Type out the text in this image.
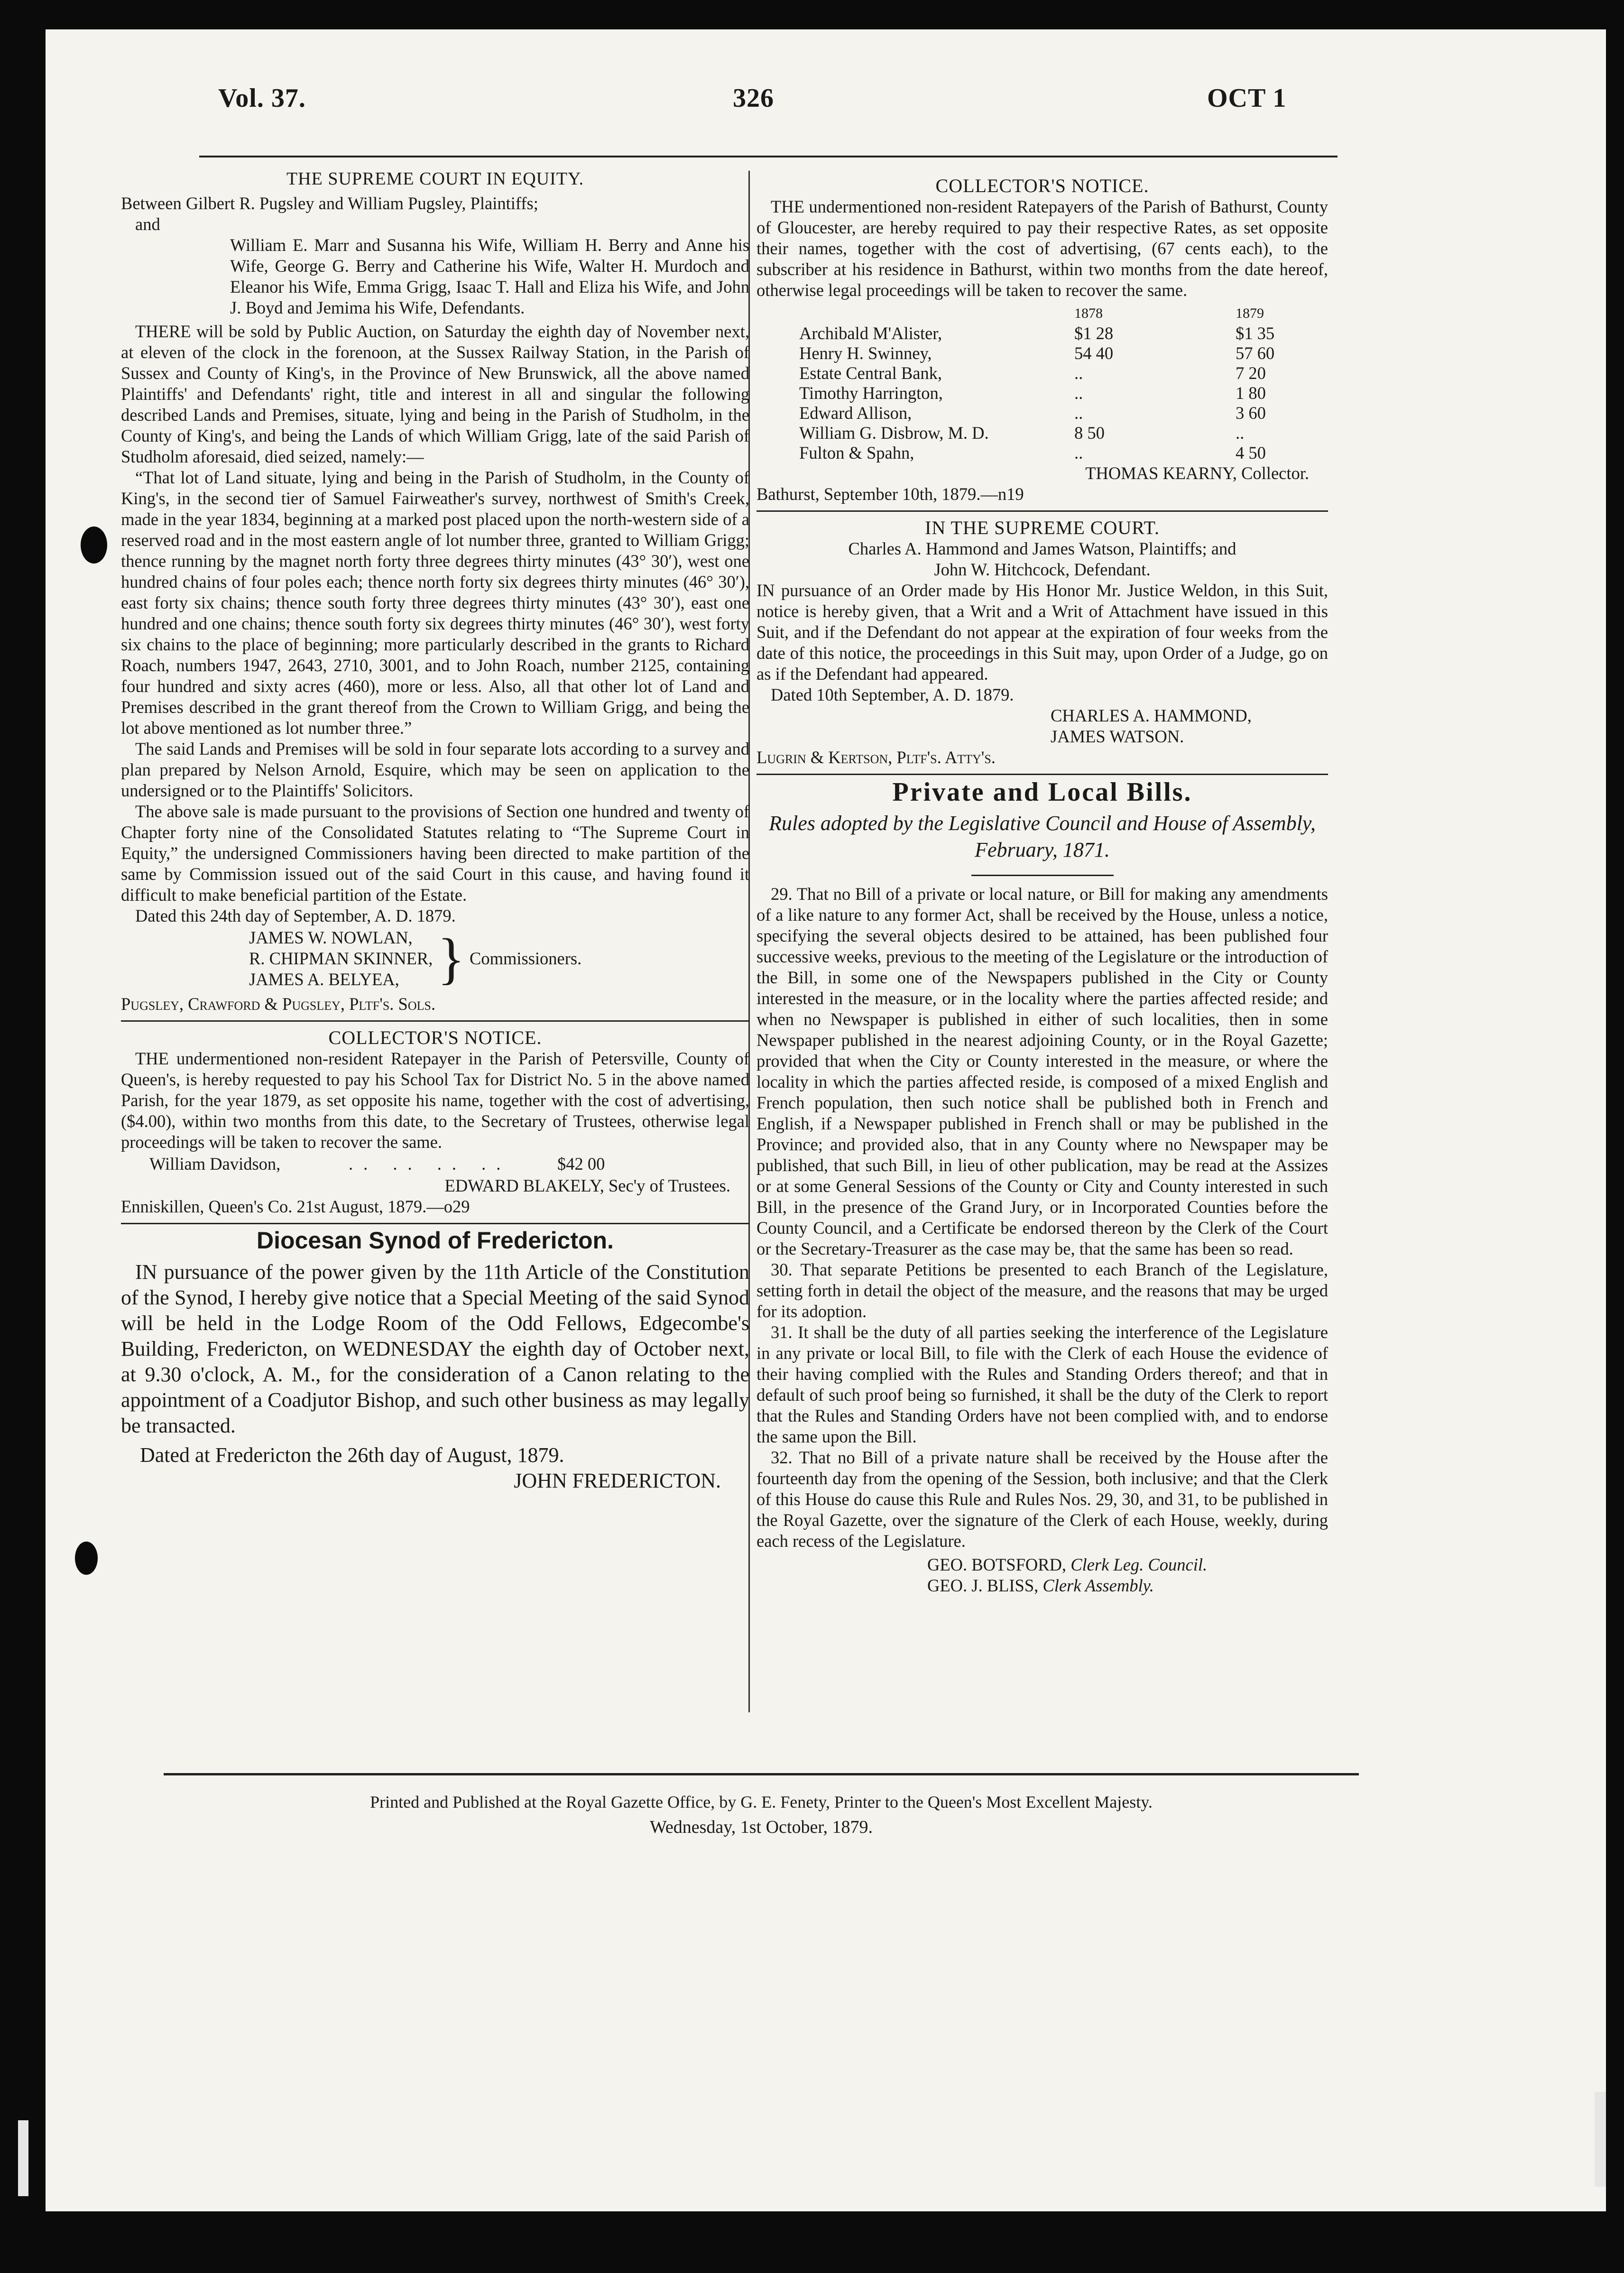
Vol. 37.	326	OCT 1
THE SUPREME COURT IN EQUITY.

Between Gilbert R. Pugsley and William Pugsley, Plaintiffs;

and

William E. Marr and Susanna his Wife, William H. Berry and Anne his Wife, George G. Berry and Catherine his Wife, Walter H. Murdoch and Eleanor his Wife, Emma Grigg, Isaac T. Hall and Eliza his Wife, and John J. Boyd and Jemima his Wife, Defendants.

THERE will be sold by Public Auction, on Saturday the eighth day of November next, at eleven of the clock in the forenoon, at the Sussex Railway Station, in the Parish of Sussex and County of King's, in the Province of New Brunswick, all the above named Plaintiffs' and Defendants' right, title and interest in all and singular the following described Lands and Premises, situate, lying and being in the Parish of Studholm, in the County of King's, and being the Lands of which William Grigg, late of the said Parish of Studholm aforesaid, died seized, namely:—

“That lot of Land situate, lying and being in the Parish of Studholm, in the County of King's, in the second tier of Samuel Fairweather's survey, northwest of Smith's Creek, made in the year 1834, beginning at a marked post placed upon the north-western side of a reserved road and in the most eastern angle of lot number three, granted to William Grigg; thence running by the magnet north forty three degrees thirty minutes (43° 30′), west one hundred chains of four poles each; thence north forty six degrees thirty minutes (46° 30′), east forty six chains; thence south forty three degrees thirty minutes (43° 30′), east one hundred and one chains; thence south forty six degrees thirty minutes (46° 30′), west forty six chains to the place of beginning; more particularly described in the grants to Richard Roach, numbers 1947, 2643, 2710, 3001, and to John Roach, number 2125, containing four hundred and sixty acres (460), more or less. Also, all that other lot of Land and Premises described in the grant thereof from the Crown to William Grigg, and being the lot above mentioned as lot number three.”

The said Lands and Premises will be sold in four separate lots according to a survey and plan prepared by Nelson Arnold, Esquire, which may be seen on application to the undersigned or to the Plaintiffs' Solicitors.

The above sale is made pursuant to the provisions of Section one hundred and twenty of Chapter forty nine of the Consolidated Statutes relating to “The Supreme Court in Equity,” the undersigned Commissioners having been directed to make partition of the same by Commission issued out of the said Court in this cause, and having found it difficult to make beneficial partition of the Estate.

Dated this 24th day of September, A. D. 1879.

JAMES W. NOWLAN,
R. CHIPMAN SKINNER,
JAMES A. BELYEA, } Commissioners.

Pugsley, Crawford & Pugsley, Pltf's. Sols.

COLLECTOR'S NOTICE.

THE undermentioned non-resident Ratepayer in the Parish of Petersville, County of Queen's, is hereby requested to pay his School Tax for District No. 5 in the above named Parish, for the year 1879, as set opposite his name, together with the cost of advertising, ($4.00), within two months from this date, to the Secretary of Trustees, otherwise legal proceedings will be taken to recover the same.

William Davidson,	.. .. .. ..	$42 00
EDWARD BLAKELY, Sec'y of Trustees.

Enniskillen, Queen's Co. 21st August, 1879.—o29

Diocesan Synod of Fredericton.

IN pursuance of the power given by the 11th Article of the Constitution of the Synod, I hereby give notice that a Special Meeting of the said Synod will be held in the Lodge Room of the Odd Fellows, Edgecombe's Building, Fredericton, on WEDNESDAY the eighth day of October next, at 9.30 o'clock, A. M., for the consideration of a Canon relating to the appointment of a Coadjutor Bishop, and such other business as may legally be transacted.

Dated at Fredericton the 26th day of August, 1879.

JOHN FREDERICTON.
COLLECTOR'S NOTICE.

THE undermentioned non-resident Ratepayers of the Parish of Bathurst, County of Gloucester, are hereby required to pay their respective Rates, as set opposite their names, together with the cost of advertising, (67 cents each), to the subscriber at his residence in Bathurst, within two months from the date hereof, otherwise legal proceedings will be taken to recover the same.

	1878	1879
Archibald M'Alister,	$1 28	$1 35
Henry H. Swinney,	54 40	57 60
Estate Central Bank,	..	7 20
Timothy Harrington,	..	1 80
Edward Allison,	..	3 60
William G. Disbrow, M. D.	8 50	..
Fulton & Spahn,	..	4 50
THOMAS KEARNY, Collector.

Bathurst, September 10th, 1879.—n19

IN THE SUPREME COURT.
Charles A. Hammond and James Watson, Plaintiffs; and
John W. Hitchcock, Defendant.

IN pursuance of an Order made by His Honor Mr. Justice Weldon, in this Suit, notice is hereby given, that a Writ and a Writ of Attachment have issued in this Suit, and if the Defendant do not appear at the expiration of four weeks from the date of this notice, the proceedings in this Suit may, upon Order of a Judge, go on as if the Defendant had appeared.

Dated 10th September, A. D. 1879.

CHARLES A. HAMMOND,
JAMES WATSON.

Lugrin & Kertson, Pltf's. Atty's.

Private and Local Bills.
Rules adopted by the Legislative Council and House of Assembly, February, 1871.

29. That no Bill of a private or local nature, or Bill for making any amendments of a like nature to any former Act, shall be received by the House, unless a notice, specifying the several objects desired to be attained, has been published four successive weeks, previous to the meeting of the Legislature or the introduction of the Bill, in some one of the Newspapers published in the City or County interested in the measure, or in the locality where the parties affected reside; and when no Newspaper is published in either of such localities, then in some Newspaper published in the nearest adjoining County, or in the Royal Gazette; provided that when the City or County interested in the measure, or where the locality in which the parties affected reside, is composed of a mixed English and French population, then such notice shall be published both in French and English, if a Newspaper published in French shall or may be published in the Province; and provided also, that in any County where no Newspaper may be published, that such Bill, in lieu of other publication, may be read at the Assizes or at some General Sessions of the County or City and County interested in such Bill, in the presence of the Grand Jury, or in Incorporated Counties before the County Council, and a Certificate be endorsed thereon by the Clerk of the Court or the Secretary-Treasurer as the case may be, that the same has been so read.

30. That separate Petitions be presented to each Branch of the Legislature, setting forth in detail the object of the measure, and the reasons that may be urged for its adoption.

31. It shall be the duty of all parties seeking the interference of the Legislature in any private or local Bill, to file with the Clerk of each House the evidence of their having complied with the Rules and Standing Orders thereof; and that in default of such proof being so furnished, it shall be the duty of the Clerk to report that the Rules and Standing Orders have not been complied with, and to endorse the same upon the Bill.

32. That no Bill of a private nature shall be received by the House after the fourteenth day from the opening of the Session, both inclusive; and that the Clerk of this House do cause this Rule and Rules Nos. 29, 30, and 31, to be published in the Royal Gazette, over the signature of the Clerk of each House, weekly, during each recess of the Legislature.

GEO. BOTSFORD, Clerk Leg. Council.
GEO. J. BLISS, Clerk Assembly.
Printed and Published at the Royal Gazette Office, by G. E. Fenety, Printer to the Queen's Most Excellent Majesty.
Wednesday, 1st October, 1879.
